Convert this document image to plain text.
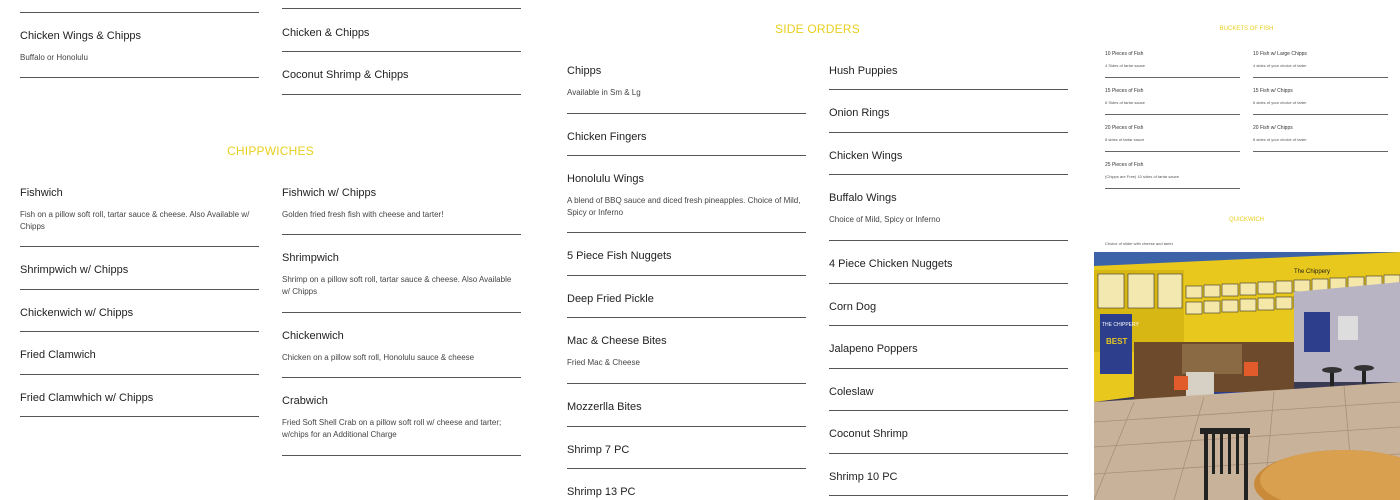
Chicken Wings & Chipps
Buffalo or Honolulu
CHIPPWICHES
Fishwich
Fish on a pillow soft roll, tartar sauce & cheese. Also Available w/ Chipps
Shrimpwich w/ Chipps
Chickenwich w/ Chipps
Fried Clamwich
Fried Clamwhich w/ Chipps
Chicken & Chipps
Coconut Shrimp & Chipps
Fishwich w/ Chipps
Golden fried fresh fish with cheese and tarter!
Shrimpwich
Shrimp on a pillow soft roll, tartar sauce & cheese. Also Available w/ Chipps
Chickenwich
Chicken on a pillow soft roll, Honolulu sauce & cheese
Crabwich
Fried Soft Shell Crab on a pillow soft roll w/ cheese and tarter; w/chips for an Additional Charge
SIDE ORDERS
Chipps
Available in Sm & Lg
Chicken Fingers
Honolulu Wings
A blend of BBQ sauce and diced fresh pineapples. Choice of Mild, Spicy or Inferno
5 Piece Fish Nuggets
Deep Fried Pickle
Mac & Cheese Bites
Fried Mac & Cheese
Mozzerlla Bites
Shrimp 7 PC
Shrimp 13 PC
Hush Puppies
Onion Rings
Chicken Wings
Buffalo Wings
Choice of Mild, Spicy or Inferno
4 Piece Chicken Nuggets
Corn Dog
Jalapeno Poppers
Coleslaw
Coconut Shrimp
Shrimp 10 PC
BUCKETS OF FISH
10 Pieces of Fish
4 Sides of tartar sauce
15 Pieces of Fish
6 Sides of tartar sauce
20 Pieces of Fish
8 sides of tartar sauce
25 Pieces of Fish
(Chipps are Free) 10 sides of tartar sauce
10 Fish w/ Large Chipps
4 sides of your choice of tarter
15 Fish w/ Chipps
6 sides of your choice of tarter
20 Fish w/ Chipps
8 sides of your choice of tarter
QUICKWICH
Choice of slider with cheese and tarter
The Chippery
THE CHIPPERY
BEST
